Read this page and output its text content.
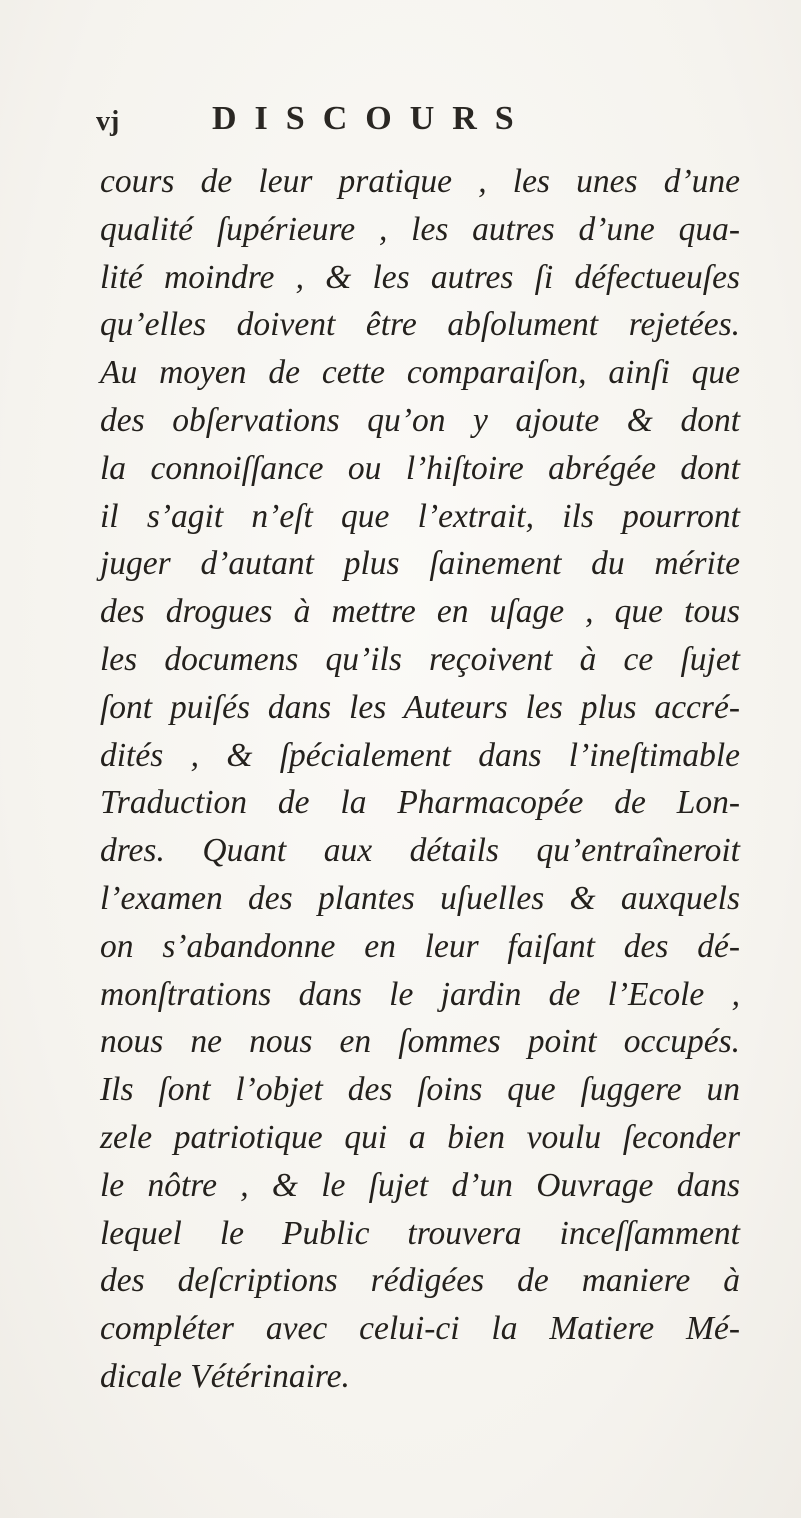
vj	DISCOURS
cours de leur pratique , les unes d’une
qualité ſupérieure , les autres d’une qua-
lité moindre , & les autres ſi défectueuſes
qu’elles doivent être abſolument rejetées.
Au moyen de cette comparaiſon, ainſi que
des obſervations qu’on y ajoute & dont
la connoiſſance ou l’hiſtoire abrégée dont
il s’agit n’eſt que l’extrait, ils pourront
juger d’autant plus ſainement du mérite
des drogues à mettre en uſage , que tous
les documens qu’ils reçoivent à ce ſujet
ſont puiſés dans les Auteurs les plus accré-
dités , & ſpécialement dans l’ineſtimable
Traduction de la Pharmacopée de Lon-
dres. Quant aux détails qu’entraîneroit
l’examen des plantes uſuelles & auxquels
on s’abandonne en leur faiſant des dé-
monſtrations dans le jardin de l’Ecole ,
nous ne nous en ſommes point occupés.
Ils ſont l’objet des ſoins que ſuggere un
zele patriotique qui a bien voulu ſeconder
le nôtre , & le ſujet d’un Ouvrage dans
lequel le Public trouvera inceſſamment
des deſcriptions rédigées de maniere à
compléter avec celui-ci la Matiere Mé-
dicale Vétérinaire.
